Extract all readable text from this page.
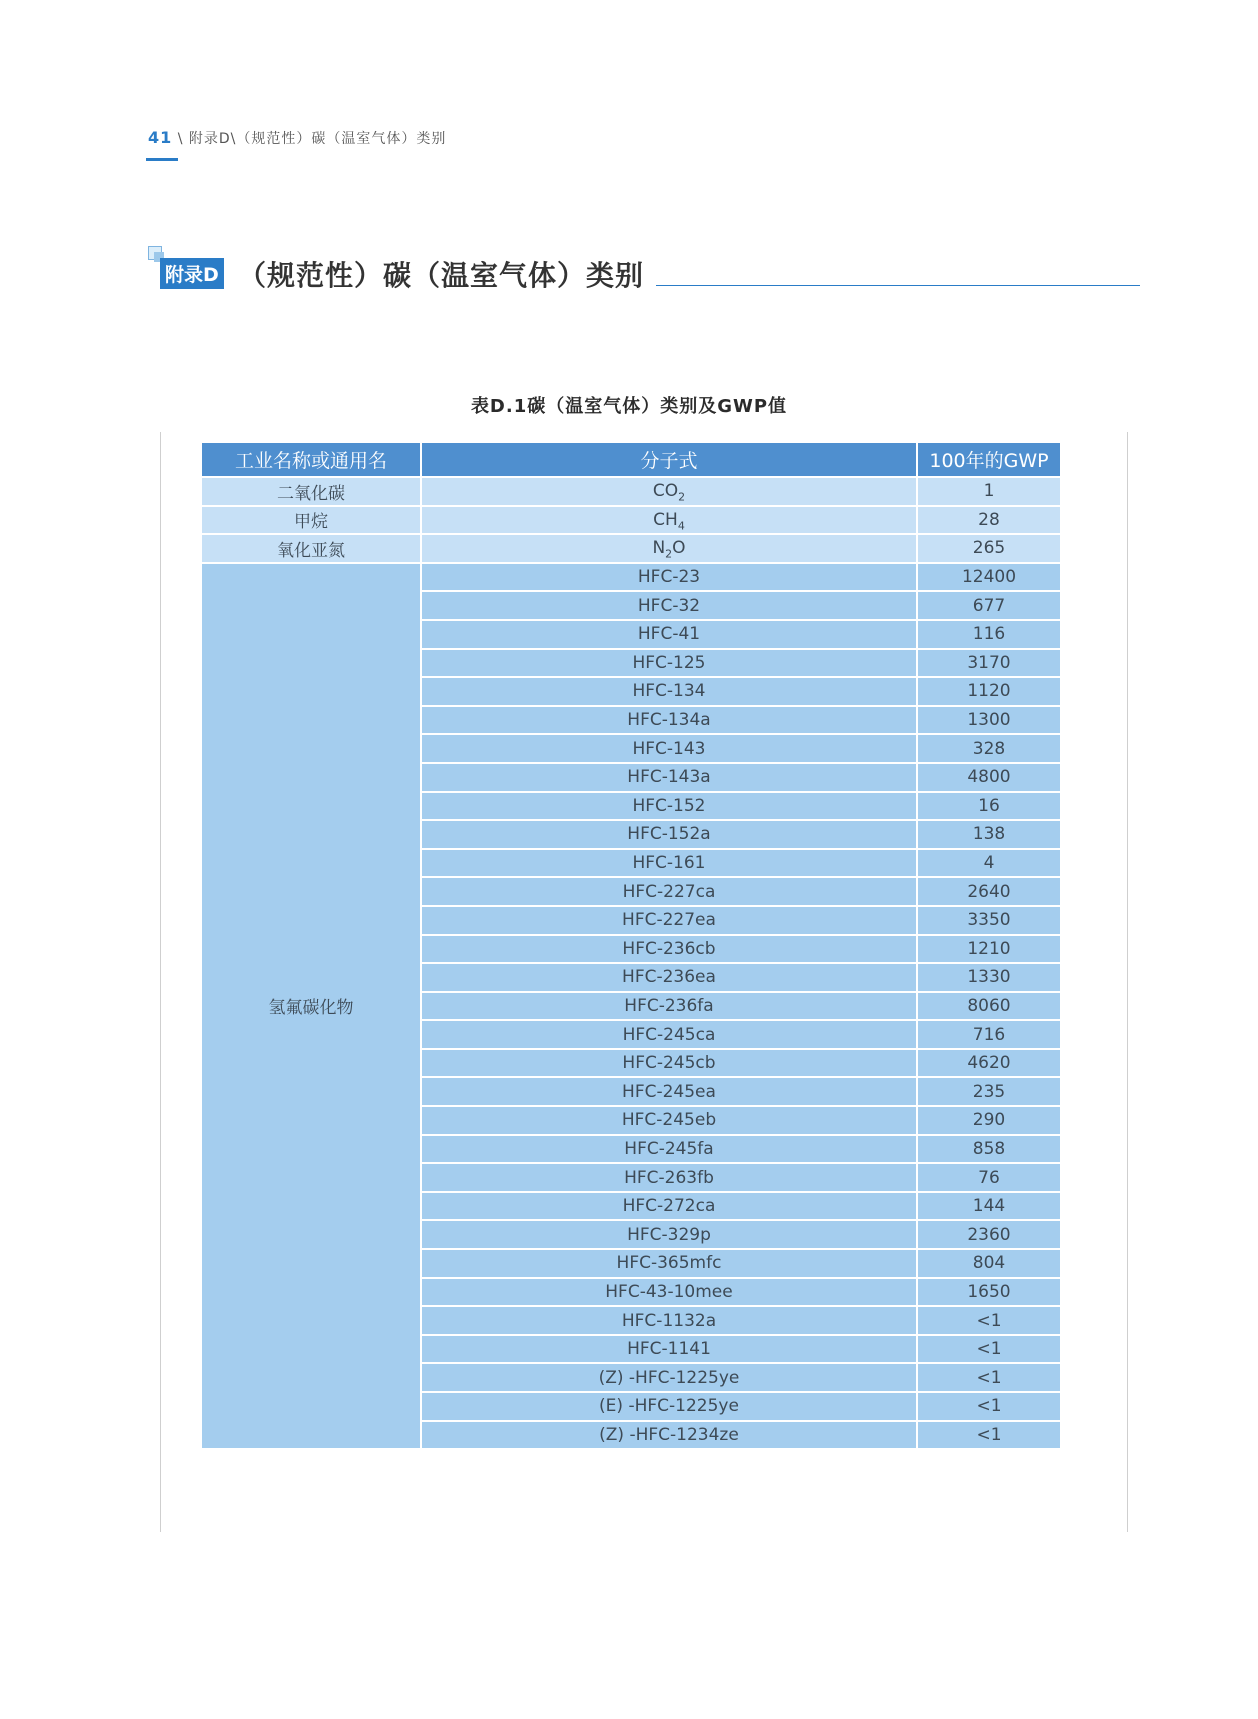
41 \ 附录D\（规范性）碳（温室气体）类别
附录D （规范性）碳（温室气体）类别
表D.1碳（温室气体）类别及GWP值
工业名称或通用名	分子式	100年的GWP
二氧化碳	$CO_2$	1
甲烷	$CH_4$	28
氧化亚氮	$N_2O$	265
氢氟碳化物	HFC-23	12400
	HFC-32	677
	HFC-41	116
	HFC-125	3170
	HFC-134	1120
	HFC-134a	1300
	HFC-143	328
	HFC-143a	4800
	HFC-152	16
	HFC-152a	138
	HFC-161	4
	HFC-227ca	2640
	HFC-227ea	3350
	HFC-236cb	1210
	HFC-236ea	1330
	HFC-236fa	8060
	HFC-245ca	716
	HFC-245cb	4620
	HFC-245ea	235
	HFC-245eb	290
	HFC-245fa	858
	HFC-263fb	76
	HFC-272ca	144
	HFC-329p	2360
	HFC-365mfc	804
	HFC-43-10mee	1650
	HFC-1132a	<1
	HFC-1141	<1
	(Z) -HFC-1225ye	<1
	(E) -HFC-1225ye	<1
	(Z) -HFC-1234ze	<1
